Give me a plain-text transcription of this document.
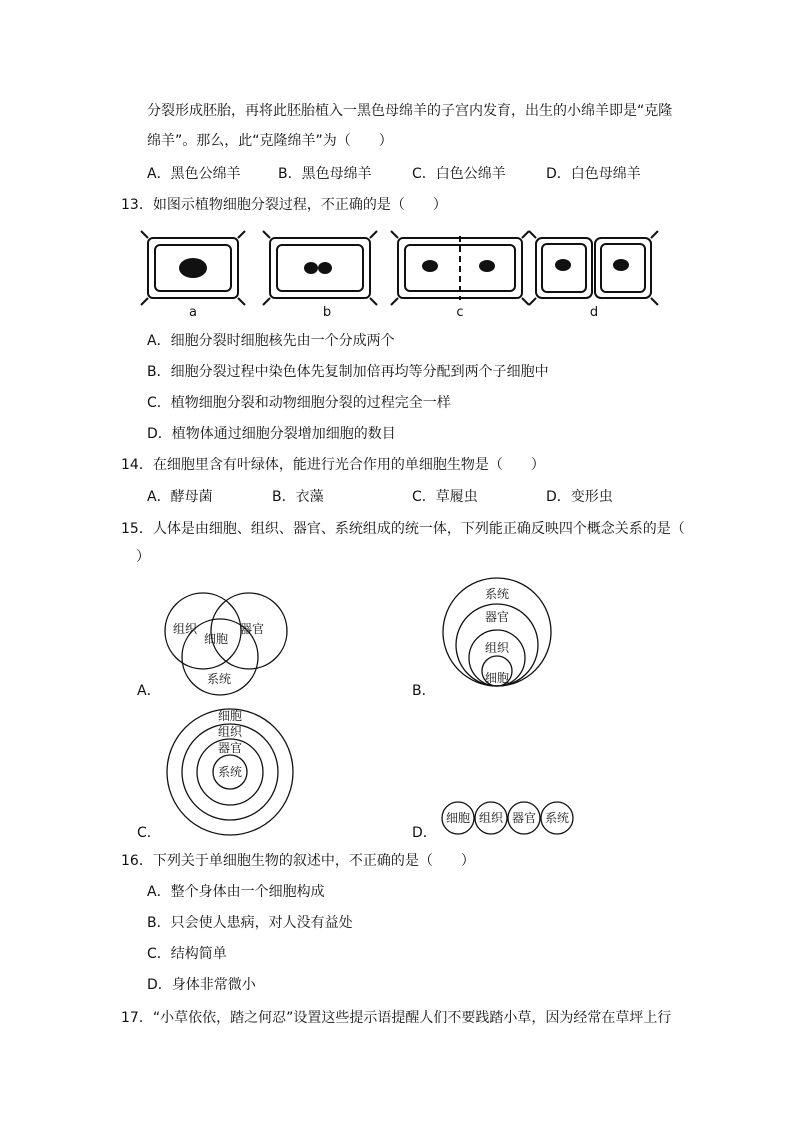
分裂形成胚胎，再将此胚胎植入一黑色母绵羊的子宫内发育，出生的小绵羊即是“克隆
绵羊”。那么，此“克隆绵羊”为（　　）
A．黑色公绵羊	B．黑色母绵羊	C．白色公绵羊	D．白色母绵羊
13．如图示植物细胞分裂过程，不正确的是（　　）
a	b	c	d
A．细胞分裂时细胞核先由一个分成两个
B．细胞分裂过程中染色体先复制加倍再均等分配到两个子细胞中
C．植物细胞分裂和动物细胞分裂的过程完全一样
D．植物体通过细胞分裂增加细胞的数目
14．在细胞里含有叶绿体，能进行光合作用的单细胞生物是（　　）
A．酵母菌	B．衣藻	C．草履虫	D．变形虫
15．人体是由细胞、组织、器官、系统组成的统一体，下列能正确反映四个概念关系的是（
）
组织	器官
细胞
系统
A．
系统
器官
组织
细胞
B．
细胞
组织
器官
系统
C．
细胞 组织 器官 系统
D．
16．下列关于单细胞生物的叙述中，不正确的是（　　）
A．整个身体由一个细胞构成
B．只会使人患病，对人没有益处
C．结构简单
D．身体非常微小
17．“小草依依，踏之何忍”设置这些提示语提醒人们不要践踏小草，因为经常在草坪上行
